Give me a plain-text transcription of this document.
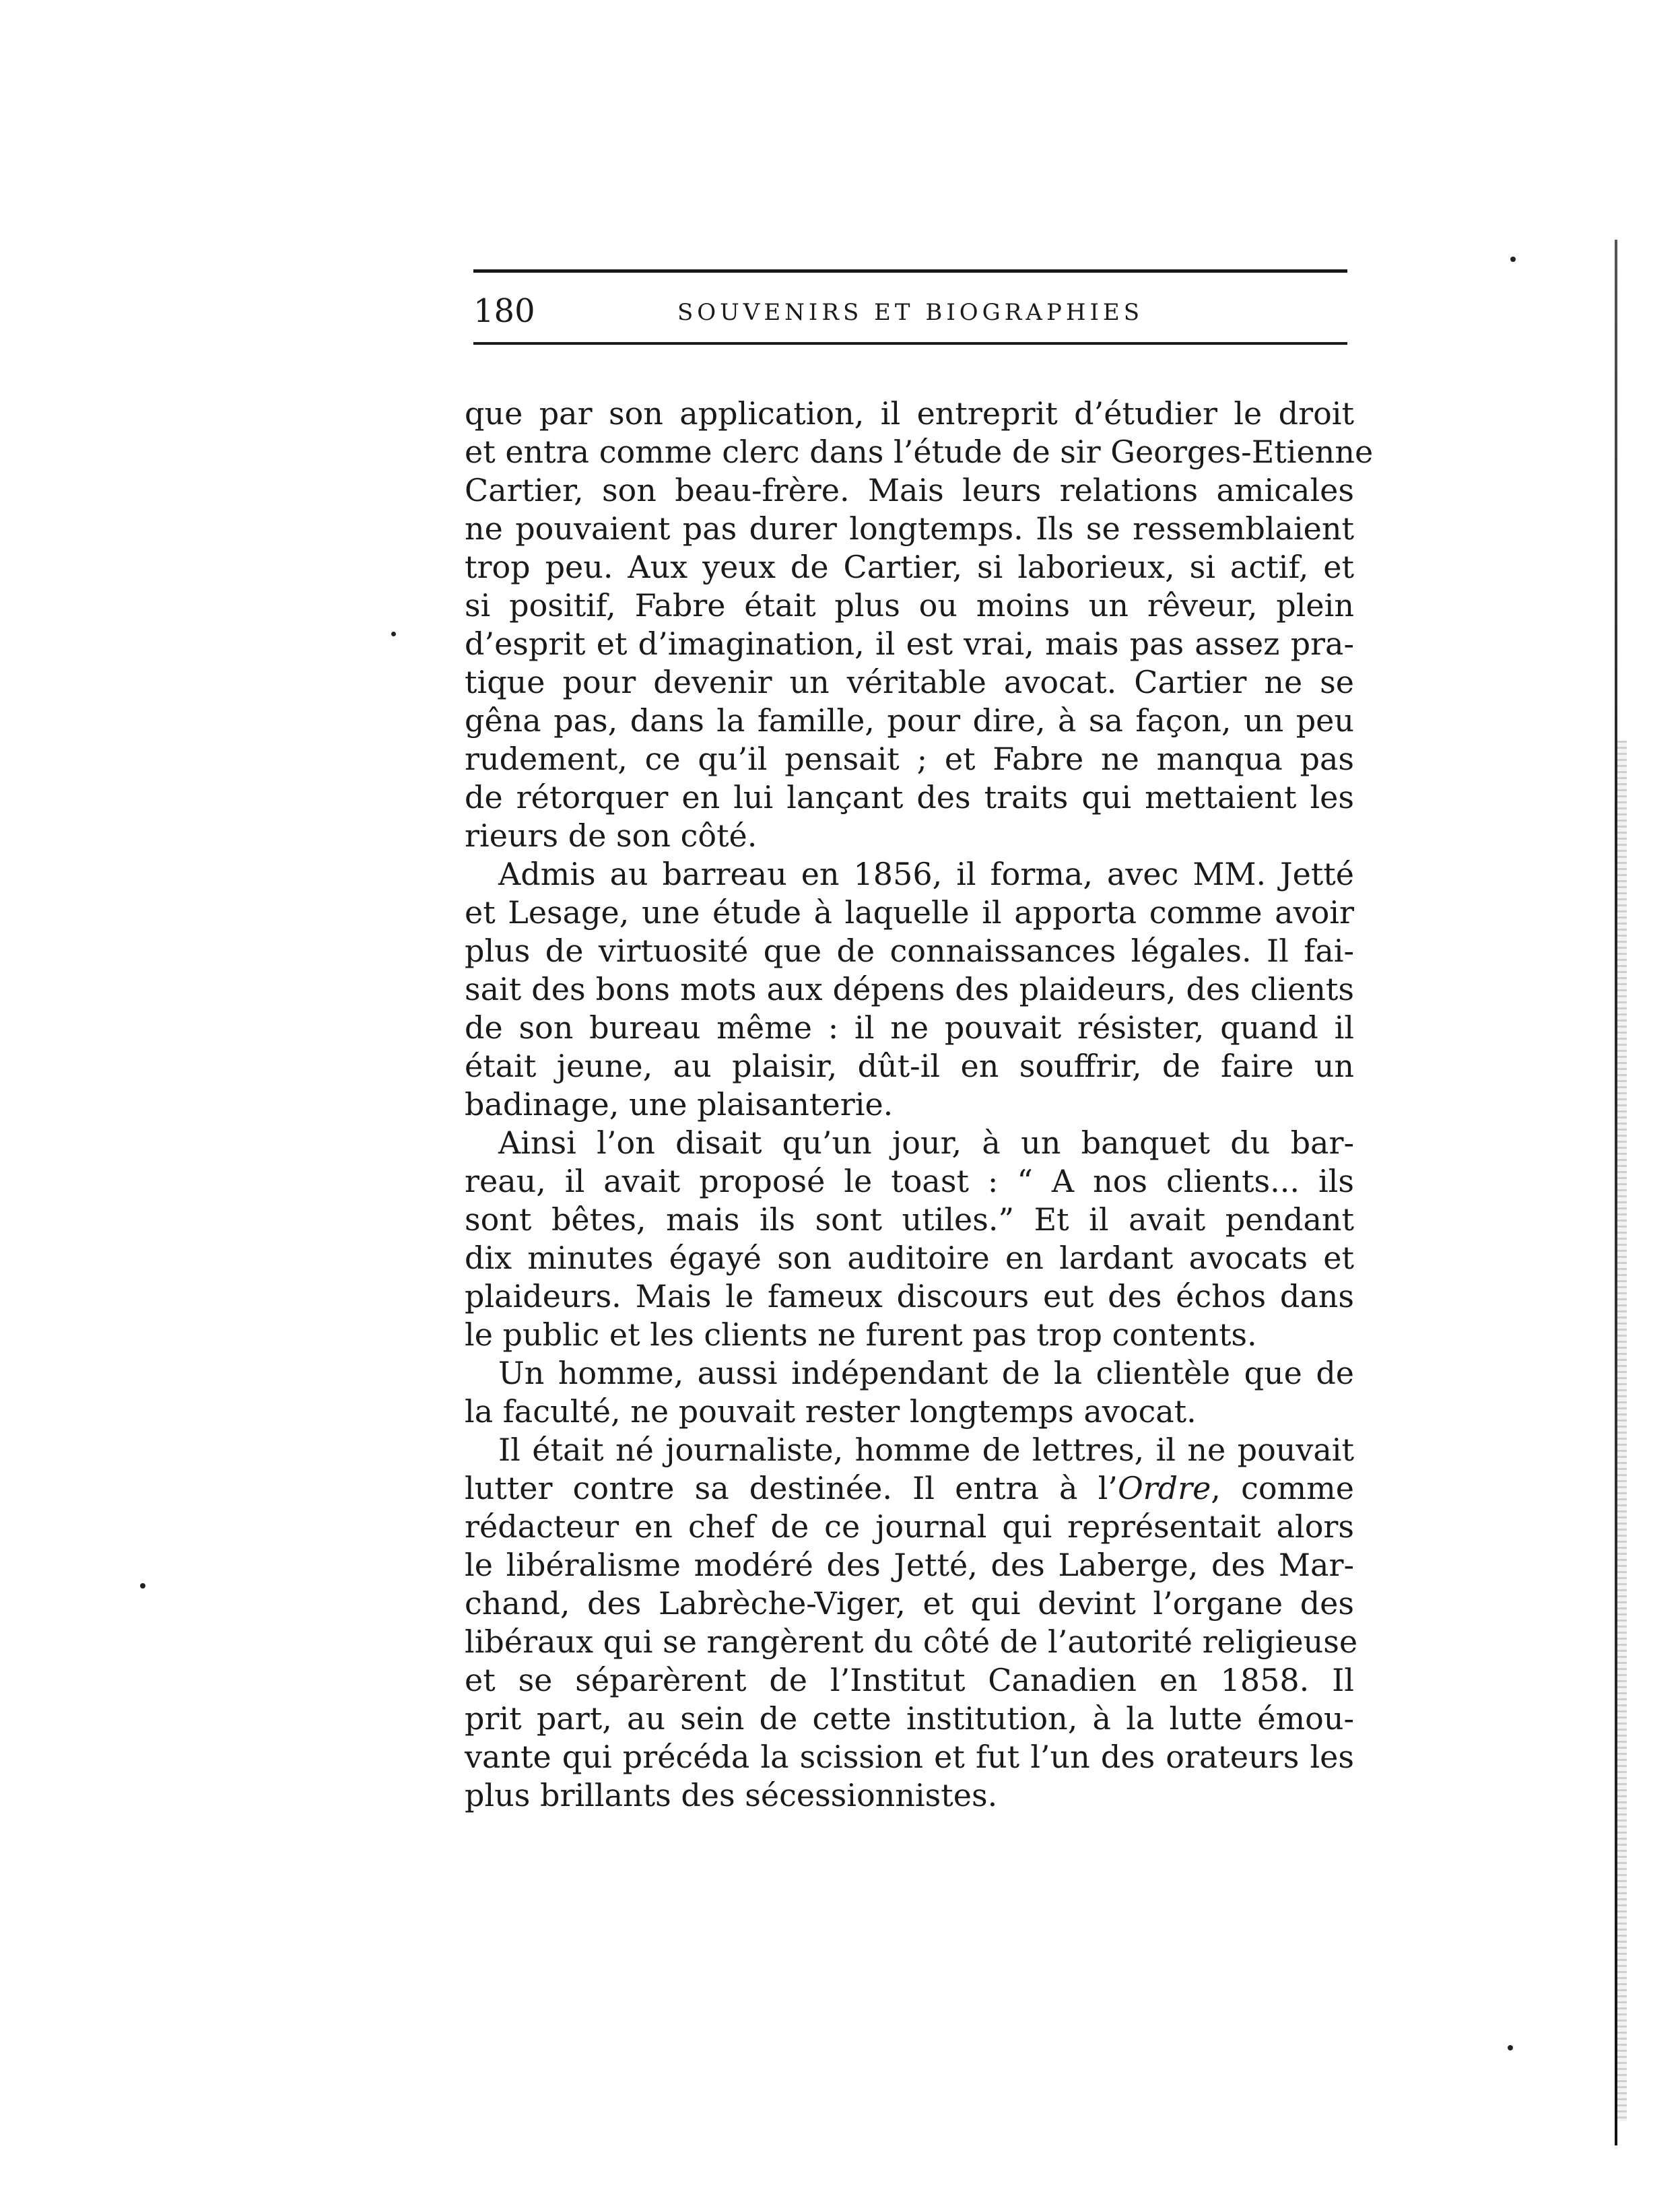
180	SOUVENIRS ET BIOGRAPHIES

que par son application, il entreprit d’étudier le droit
et entra comme clerc dans l’étude de sir Georges-Etienne
Cartier, son beau-frère. Mais leurs relations amicales
ne pouvaient pas durer longtemps. Ils se ressemblaient
trop peu. Aux yeux de Cartier, si laborieux, si actif, et
si positif, Fabre était plus ou moins un rêveur, plein
d’esprit et d’imagination, il est vrai, mais pas assez pra-
tique pour devenir un véritable avocat. Cartier ne se
gêna pas, dans la famille, pour dire, à sa façon, un peu
rudement, ce qu’il pensait ; et Fabre ne manqua pas
de rétorquer en lui lançant des traits qui mettaient les
rieurs de son côté.

Admis au barreau en 1856, il forma, avec MM. Jetté
et Lesage, une étude à laquelle il apporta comme avoir
plus de virtuosité que de connaissances légales. Il fai-
sait des bons mots aux dépens des plaideurs, des clients
de son bureau même : il ne pouvait résister, quand il
était jeune, au plaisir, dût-il en souffrir, de faire un
badinage, une plaisanterie.

Ainsi l’on disait qu’un jour, à un banquet du bar-
reau, il avait proposé le toast : “ A nos clients... ils
sont bêtes, mais ils sont utiles.” Et il avait pendant
dix minutes égayé son auditoire en lardant avocats et
plaideurs. Mais le fameux discours eut des échos dans
le public et les clients ne furent pas trop contents.

Un homme, aussi indépendant de la clientèle que de
la faculté, ne pouvait rester longtemps avocat.

Il était né journaliste, homme de lettres, il ne pouvait
lutter contre sa destinée. Il entra à l’Ordre, comme
rédacteur en chef de ce journal qui représentait alors
le libéralisme modéré des Jetté, des Laberge, des Mar-
chand, des Labrèche-Viger, et qui devint l’organe des
libéraux qui se rangèrent du côté de l’autorité religieuse
et se séparèrent de l’Institut Canadien en 1858. Il
prit part, au sein de cette institution, à la lutte émou-
vante qui précéda la scission et fut l’un des orateurs les
plus brillants des sécessionnistes.
